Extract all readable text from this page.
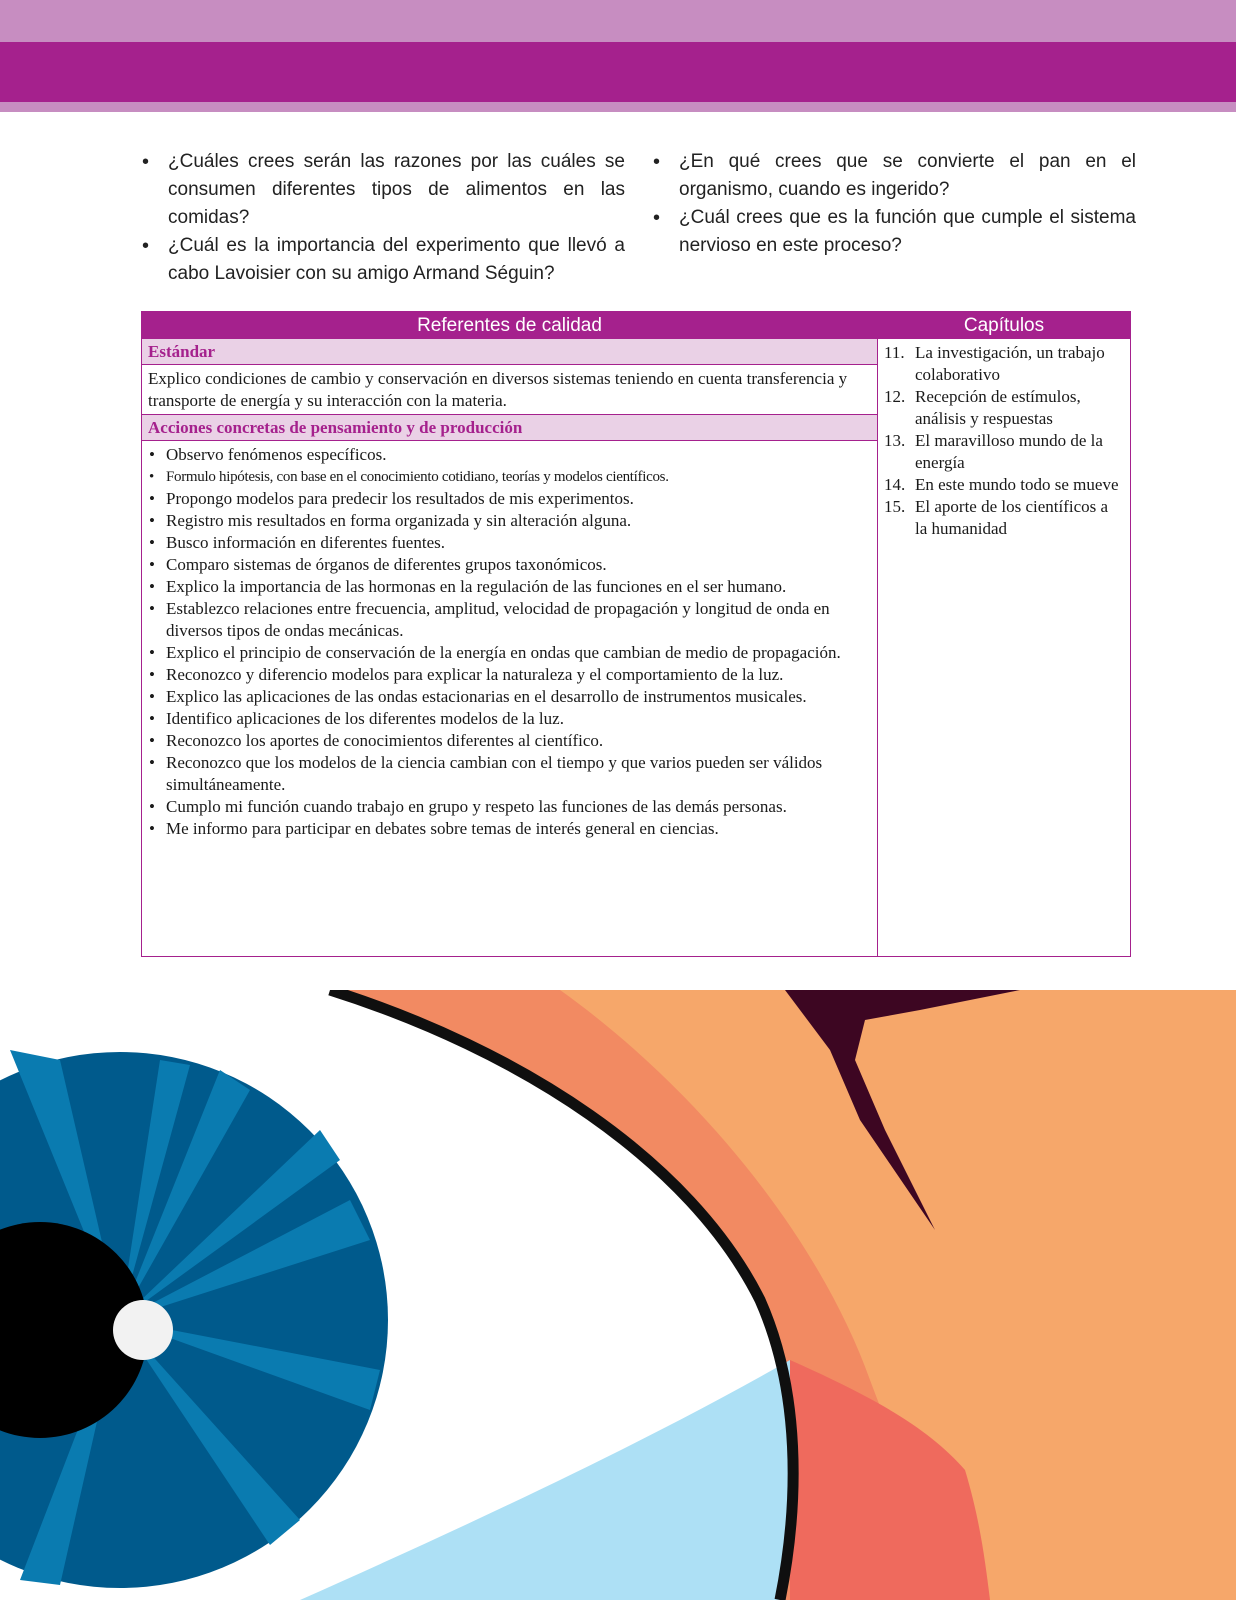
• ¿Cuáles crees serán las razones por las cuáles se consumen diferentes tipos de alimentos en las comidas?
• ¿Cuál es la importancia del experimento que llevó a cabo Lavoisier con su amigo Armand Séguin?
• ¿En qué crees que se convierte el pan en el organismo, cuando es ingerido?
• ¿Cuál crees que es la función que cumple el sistema nervioso en este proceso?
Referentes de calidad
Estándar
Explico condiciones de cambio y conservación en diversos sistemas teniendo en cuenta transferencia y transporte de energía y su interacción con la materia.
Acciones concretas de pensamiento y de producción
• Observo fenómenos específicos.
• Formulo hipótesis, con base en el conocimiento cotidiano, teorías y modelos científicos.
• Propongo modelos para predecir los resultados de mis experimentos.
• Registro mis resultados en forma organizada y sin alteración alguna.
• Busco información en diferentes fuentes.
• Comparo sistemas de órganos de diferentes grupos taxonómicos.
• Explico la importancia de las hormonas en la regulación de las funciones en el ser humano.
• Establezco relaciones entre frecuencia, amplitud, velocidad de propagación y longitud de onda en diversos tipos de ondas mecánicas.
• Explico el principio de conservación de la energía en ondas que cambian de medio de propagación.
• Reconozco y diferencio modelos para explicar la naturaleza y el comportamiento de la luz.
• Explico las aplicaciones de las ondas estacionarias en el desarrollo de instrumentos musicales.
• Identifico aplicaciones de los diferentes modelos de la luz.
• Reconozco los aportes de conocimientos diferentes al científico.
• Reconozco que los modelos de la ciencia cambian con el tiempo y que varios pueden ser válidos simultáneamente.
• Cumplo mi función cuando trabajo en grupo y respeto las funciones de las demás personas.
• Me informo para participar en debates sobre temas de interés general en ciencias.
Capítulos
11. La investigación, un trabajo colaborativo
12. Recepción de estímulos, análisis y respuestas
13. El maravilloso mundo de la energía
14. En este mundo todo se mueve
15. El aporte de los científicos a la humanidad
